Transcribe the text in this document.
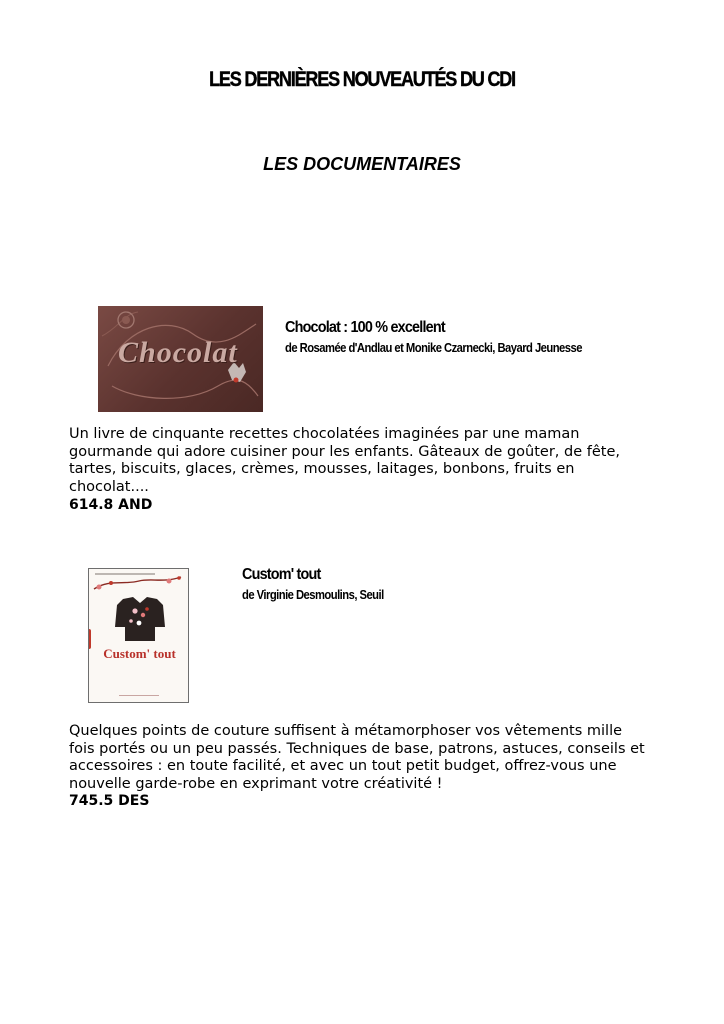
LES DERNIÈRES NOUVEAUTÉS DU CDI
LES DOCUMENTAIRES
Chocolat
Chocolat : 100 % excellent
de Rosamée d'Andlau et Monike Czarnecki, Bayard Jeunesse
Un livre de cinquante recettes chocolatées imaginées par une maman
gourmande qui adore cuisiner pour les enfants. Gâteaux de goûter, de fête,
tartes, biscuits, glaces, crèmes, mousses, laitages, bonbons, fruits en
chocolat....
614.8 AND
Custom' tout
Custom' tout
de Virginie Desmoulins, Seuil
Quelques points de couture suffisent à métamorphoser vos vêtements mille
fois portés ou un peu passés. Techniques de base, patrons, astuces, conseils et
accessoires : en toute facilité, et avec un tout petit budget, offrez-vous une
nouvelle garde-robe en exprimant votre créativité !
745.5 DES
